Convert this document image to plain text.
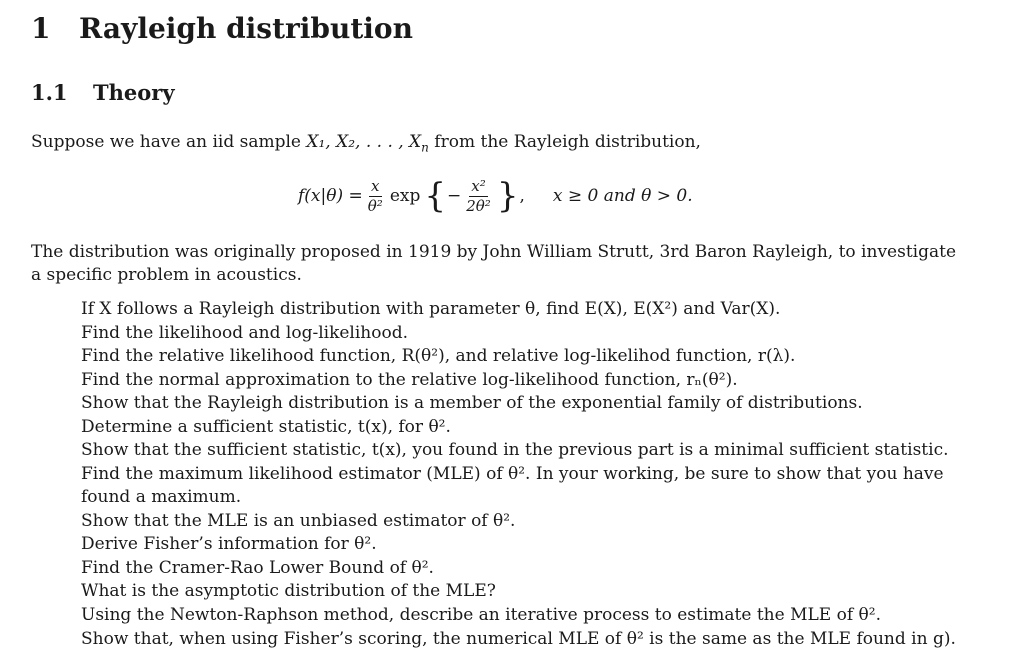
1 Rayleigh distribution
1.1 Theory
Suppose we have an iid sample X₁, X₂, . . . , $X_n$ from the Rayleigh distribution,
$f(x|\theta) = \frac{x}{\text{θ²}}$ exp { − $\frac{\text{x²}}{\text{2θ²}}$ } , x ≥ 0 and θ > 0.
The distribution was originally proposed in 1919 by John William Strutt, 3rd Baron Rayleigh, to investigate
a specific problem in acoustics.
If X follows a Rayleigh distribution with parameter θ, find E(X), E(X²) and Var(X).
Find the likelihood and log-likelihood.
Find the relative likelihood function, R(θ²), and relative log-likelihod function, r(λ).
Find the normal approximation to the relative log-likelihood function, rₙ(θ²).
Show that the Rayleigh distribution is a member of the exponential family of distributions.
Determine a sufficient statistic, t(x), for θ².
Show that the sufficient statistic, t(x), you found in the previous part is a minimal sufficient statistic.
Find the maximum likelihood estimator (MLE) of θ². In your working, be sure to show that you have
found a maximum.
Show that the MLE is an unbiased estimator of θ².
Derive Fisher’s information for θ².
Find the Cramer-Rao Lower Bound of θ².
What is the asymptotic distribution of the MLE?
Using the Newton-Raphson method, describe an iterative process to estimate the MLE of θ².
Show that, when using Fisher’s scoring, the numerical MLE of θ² is the same as the MLE found in g).
